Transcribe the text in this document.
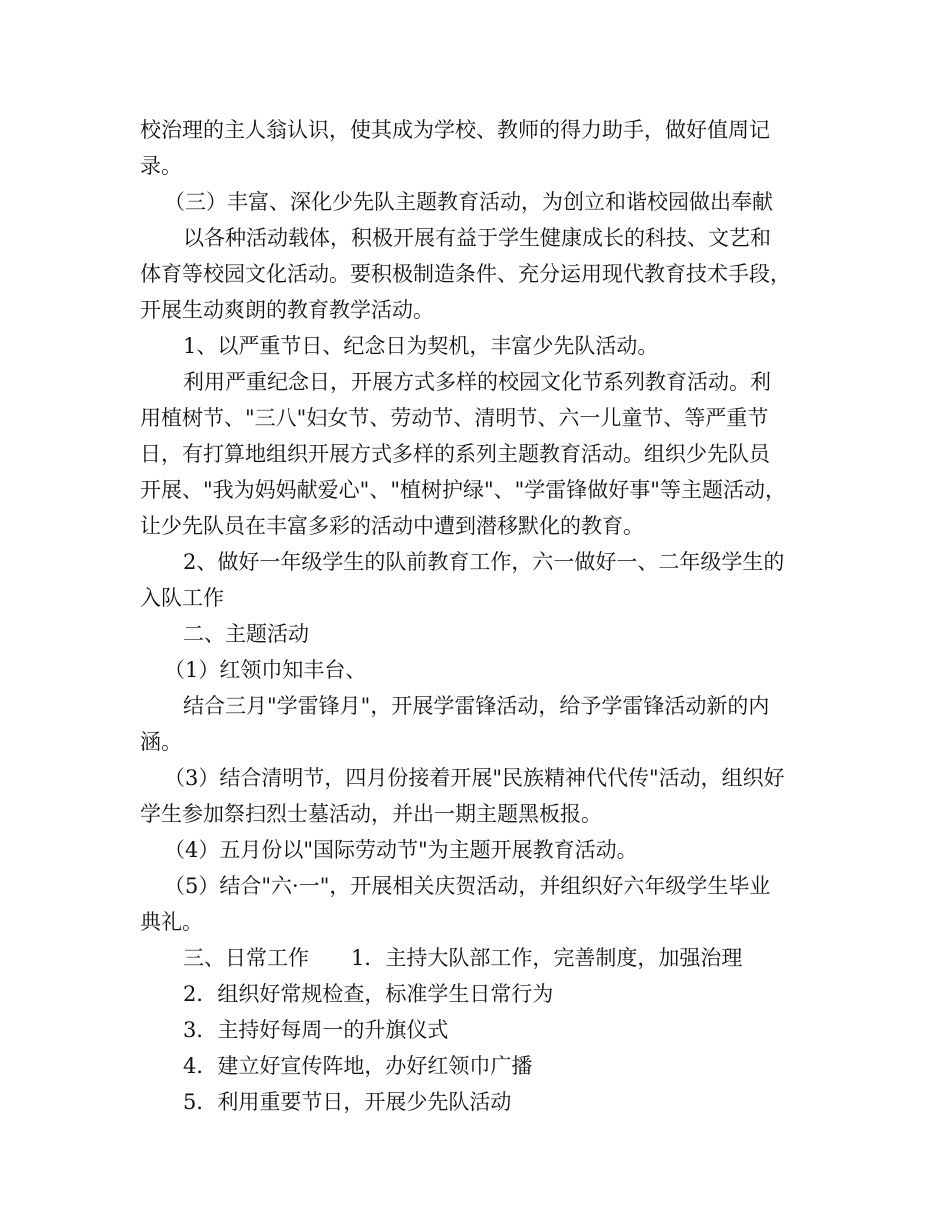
校治理的主人翁认识，使其成为学校、教师的得力助手，做好值周记
录。
（三）丰富、深化少先队主题教育活动，为创立和谐校园做出奉献
以各种活动载体，积极开展有益于学生健康成长的科技、文艺和
体育等校园文化活动。要积极制造条件、充分运用现代教育技术手段，
开展生动爽朗的教育教学活动。
1、以严重节日、纪念日为契机，丰富少先队活动。
利用严重纪念日，开展方式多样的校园文化节系列教育活动。利
用植树节、"三八"妇女节、劳动节、清明节、六一儿童节、等严重节
日，有打算地组织开展方式多样的系列主题教育活动。组织少先队员
开展、"我为妈妈献爱心"、"植树护绿"、"学雷锋做好事"等主题活动，
让少先队员在丰富多彩的活动中遭到潜移默化的教育。
2、做好一年级学生的队前教育工作，六一做好一、二年级学生的
入队工作
二、主题活动
（1）红领巾知丰台、
结合三月"学雷锋月"，开展学雷锋活动，给予学雷锋活动新的内
涵。
（3）结合清明节，四月份接着开展"民族精神代代传"活动，组织好
学生参加祭扫烈士墓活动，并出一期主题黑板报。
（4）五月份以"国际劳动节"为主题开展教育活动。
（5）结合"六·一"，开展相关庆贺活动，并组织好六年级学生毕业
典礼。
三、日常工作　　1．主持大队部工作，完善制度，加强治理
2．组织好常规检查，标准学生日常行为
3．主持好每周一的升旗仪式
4．建立好宣传阵地，办好红领巾广播
5．利用重要节日，开展少先队活动
